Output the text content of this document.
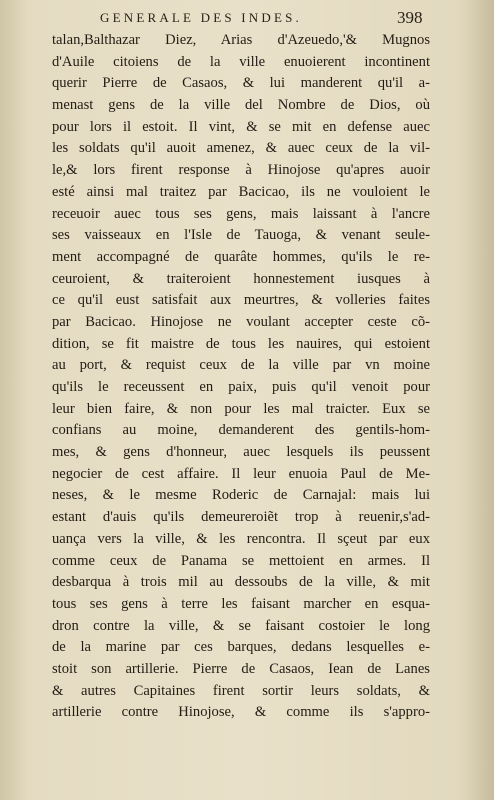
GENERALE DES INDES.	398
talan,Balthazar Diez, Arias d'Azeuedo,'& Mugnos
d'Auile citoiens de la ville enuoierent incontinent
querir Pierre de Casaos, & lui manderent qu'il a-
menast gens de la ville del Nombre de Dios, où
pour lors il estoit. Il vint, & se mit en defense auec
les soldats qu'il auoit amenez, & auec ceux de la vil-
le,& lors firent response à Hinojose qu'apres auoir
esté ainsi mal traitez par Bacicao, ils ne vouloient le
receuoir auec tous ses gens, mais laissant à l'ancre
ses vaisseaux en l'Isle de Tauoga, & venant seule-
ment accompagné de quarâte hommes, qu'ils le re-
ceuroient, & traiteroient honnestement iusques à
ce qu'il eust satisfait aux meurtres, & volleries faites
par Bacicao. Hinojose ne voulant accepter ceste cõ-
dition, se fit maistre de tous les nauires, qui estoient
au port, & requist ceux de la ville par vn moine
qu'ils le receussent en paix, puis qu'il venoit pour
leur bien faire, & non pour les mal traicter. Eux se
confians au moine, demanderent des gentils-hom-
mes, & gens d'honneur, auec lesquels ils peussent
negocier de cest affaire. Il leur enuoia Paul de Me-
neses, & le mesme Roderic de Carnajal: mais lui
estant d'auis qu'ils demeureroiẽt trop à reuenir,s'ad-
uança vers la ville, & les rencontra. Il sçeut par eux
comme ceux de Panama se mettoient en armes. Il
desbarqua à trois mil au dessoubs de la ville, & mit
tous ses gens à terre les faisant marcher en esqua-
dron contre la ville, & se faisant costoier le long
de la marine par ces barques, dedans lesquelles e-
stoit son artillerie. Pierre de Casaos, Iean de Lanes
& autres Capitaines firent sortir leurs soldats, &
artillerie contre Hinojose, & comme ils s'appro-
